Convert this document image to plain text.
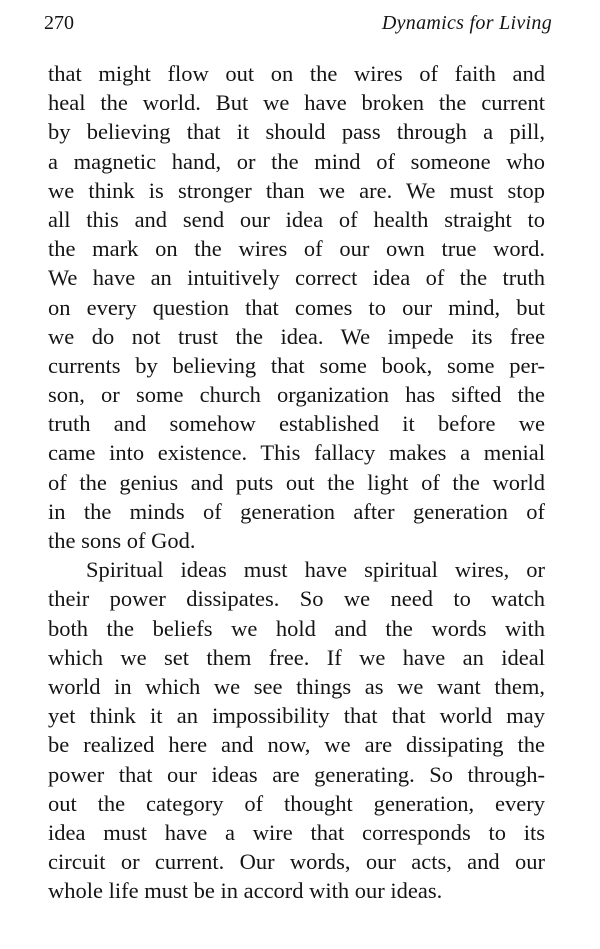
270	Dynamics for Living
that might flow out on the wires of faith and
heal the world. But we have broken the current
by believing that it should pass through a pill,
a magnetic hand, or the mind of someone who
we think is stronger than we are. We must stop
all this and send our idea of health straight to
the mark on the wires of our own true word.
We have an intuitively correct idea of the truth
on every question that comes to our mind, but
we do not trust the idea. We impede its free
currents by believing that some book, some per-
son, or some church organization has sifted the
truth and somehow established it before we
came into existence. This fallacy makes a menial
of the genius and puts out the light of the world
in the minds of generation after generation of
the sons of God.
Spiritual ideas must have spiritual wires, or
their power dissipates. So we need to watch
both the beliefs we hold and the words with
which we set them free. If we have an ideal
world in which we see things as we want them,
yet think it an impossibility that that world may
be realized here and now, we are dissipating the
power that our ideas are generating. So through-
out the category of thought generation, every
idea must have a wire that corresponds to its
circuit or current. Our words, our acts, and our
whole life must be in accord with our ideas.
